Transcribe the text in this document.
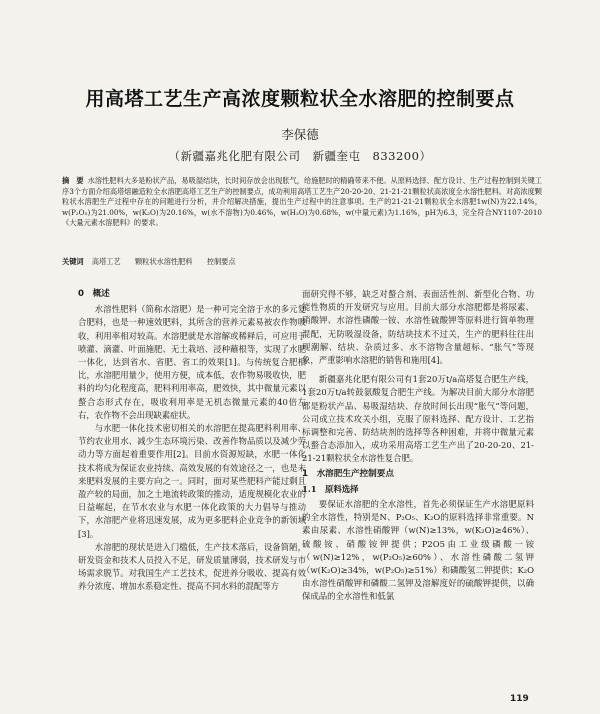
用高塔工艺生产高浓度颗粒状全水溶肥的控制要点
李保德
（新疆嘉兆化肥有限公司　新疆奎屯　833200）
摘　要 水溶性肥料大多是粉状产品，易吸湿结块，长时间存放会出现胀气，给施肥时的精确带来不便。从原料选择、配方设计、生产过程控制到关键工序3个方面介绍高塔熔融造粒全水溶肥高塔工艺生产的控制要点，成功利用高塔工艺生产20-20-20、21-21-21颗粒状高浓度全水溶性肥料。对高浓度颗粒状水溶肥生产过程中存在的问题进行分析，并介绍解决措施，提出生产过程中的注意事项。生产的21-21-21颗粒状全水溶肥1w(N)为22.14%，w(P₂O₅)为21.00%，w(K₂O)为20.16%，w(水不溶物)为0.46%，w(H₂O)为0.68%，w(中量元素)为1.16%，pH为6.3，完全符合NY1107-2010《大量元素水溶肥料》的要求。
关键词 高塔工艺 颗粒状水溶性肥料 控制要点
0　概述

水溶性肥料（简称水溶肥）是一种可完全溶于水的多元复合肥料，也是一种速效肥料，其所含的营养元素易被农作物吸收，利用率相对较高。水溶肥就是水溶解或稀释后，可应用于喷灌、滴灌、叶面施肥、无土栽培、浸种蘸根等，实现了水肥一体化，达到省水、省肥、省工的效果[1]。与传统复合肥相比，水溶肥用量少，使用方便，成本低，农作物易吸收快，肥料的均匀化程度高，肥料利用率高，肥效快，其中微量元素以螯合态形式存在，吸收利用率是无机态微量元素的40倍左右，农作物不会出现缺素症状。

与水肥一体化技术密切相关的水溶肥在提高肥料利用率、节约农业用水、减少生态环境污染、改善作物品质以及减少劳动力等方面起着重要作用[2]。目前水资源短缺，水肥一体化技术将成为保证农业持续、高效发展的有效途径之一，也是未来肥料发展的主要方向之一。同时，面对某些肥料产能过剩且盈产较的局面，加之土地流转政策的推动，适度规模化农业的日益崛起，在节水农业与水肥一体化政策的大力倡导与推动下，水溶肥产业将迅速发展，成为更多肥料企业竞争的新领域[3]。

水溶肥的现状是进入门槛低，生产技术落后，设备简陋，研发资金和技术人员投入不足，研发质量薄弱，技术研发与市场需求脱节。对我国生产工艺技术，促进养分吸收、提高有效养分浓度、增加水系稳定性、提高不同水料的混配等方

面研究得不够，缺乏对螯合剂、表面活性剂、新型化合物、功能性物质的开发研究与应用。目前大部分水溶肥都是将尿素、硝酸钾、水溶性磷酸一铵、水溶性硫酸钾等原料进行简单物理混配，无防吸湿设备，防结块技术不过关，生产的肥料往往出现潮解、结块、杂质过多、水不溶物含量超标、“胀气”等现象，严重影响水溶肥的销售和施用[4]。

新疆嘉兆化肥有限公司有1套20万t/a高塔复合肥生产线，1套20万t/a转鼓氨酸复合肥生产线。为解决目前大部分水溶肥都是粉状产品、易吸湿结块、存放时间长出现“胀气”等问题，公司成立技术攻关小组，克服了原料选择、配方设计、工艺指标调整和完善、防结块剂的选择等各种困难，并将中微量元素以螯合态添加入，成功采用高塔工艺生产出了20-20-20、21-21-21颗粒状全水溶性复合肥。

1　水溶肥生产控制要点
1.1　原料选择

要保证水溶肥的全水溶性，首先必须保证生产水溶肥原料的全水溶性，特别是N、P₂O₅、K₂O的原料选择非常重要。N素由尿素、水溶性硝酸钾（w(N)≥13%，w(K₂O)≥46%）、硫酸铵、硝酸铵钾提供；P2O5由工业级磷酸一铵（w(N)≥12%，w(P₂O₅)≥60%）、水溶性磷酸二氢钾（w(K₂O)≥34%，w(P₂O₅)≥51%）和磷酸氢二钾提供；K₂O由水溶性硝酸钾和磷酸二氢钾及溶解度好的硫酸钾提供，以确保成品的全水溶性和低氯

119
